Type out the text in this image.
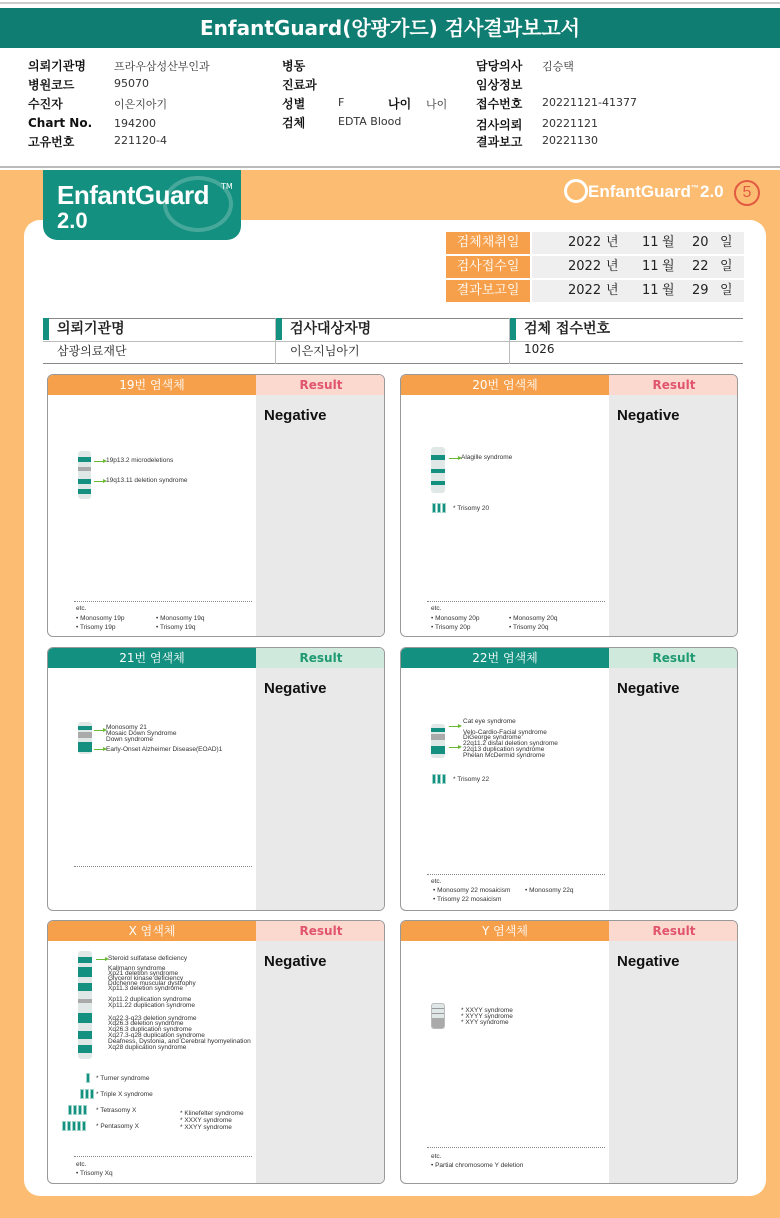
EnfantGuard(앙팡가드) 검사결과보고서
의뢰기관명	프라우삼성산부인과
병원코드	95070
수진자	이은지아기
Chart No. 194200
고유번호	221120-4
병동
진료과
성별	F	나이 나이
검체	EDTA Blood
담당의사 김승택
임상정보
접수번호 20221121-41377
검사의뢰 20221121
결과보고 20221130
EnfantGuard
2.0
TM	EnfantGuard™ 2.0	5
검체채취일	2022 년 11 월 20 일
검사접수일	2022 년 11 월 22 일
결과보고일	2022 년 11 월 29 일
의뢰기관명
삼광의료재단
검사대상자명
이은지님아기
검체 접수번호
1026
19번 염색체	Result
Negative
19p13.2 microdeletions
19q13.11 deletion syndrome
etc.
• Monosomy 19p	• Monosomy 19q
• Trisomy 19p	• Trisomy 19q
20번 염색체	Result
Negative
Alagille syndrome
* Trisomy 20
etc.
• Monosomy 20p	• Monosomy 20q
• Trisomy 20p	• Trisomy 20q
21번 염색체	Result
Negative
Monosomy 21
Mosaic Down Syndrome
Down syndrome
Early-Onset Alzheimer Disease(EOAD)1
22번 염색체	Result
Negative
Cat eye syndrome
Velo-Cardio-Facial syndrome
DiGeorge syndrome
22q11.2 distal deletion syndrome
22q13 duplication syndrome
Phelan McDermid syndrome
* Trisomy 22
etc.
• Monosomy 22 mosaicism • Monosomy 22q
• Trisomy 22 mosaicism
X 염색체	Result
Negative
Steroid sulfatase deficiency
Kallmann syndrome
Xp21 deletion syndrome
Glycerol kinase deficiency
Duchenne muscular dystrophy
Xp11.3 deletion syndrome
Xp11.2 duplication syndrome
Xp11.22 duplication syndrome
Xq22.3-q23 deletion syndrome
Xq26.3 deletion syndrome
Xq26.3 duplication syndrome
Xq27.3-q28 duplication syndrome
Deafness, Dystonia, and Cerebral hyomyelination
Xq28 duplication syndrome
* Turner syndrome
* Triple X syndrome
* Tetrasomy X
* Pentasomy X
* Klinefelter syndrome
* XXXY syndrome
* XXYY syndrome
etc.
• Trisomy Xq
Y 염색체	Result
Negative
* XXYY syndrome
* XYYY syndrome
* XYY syndrome
etc.
• Partial chromosome Y deletion
